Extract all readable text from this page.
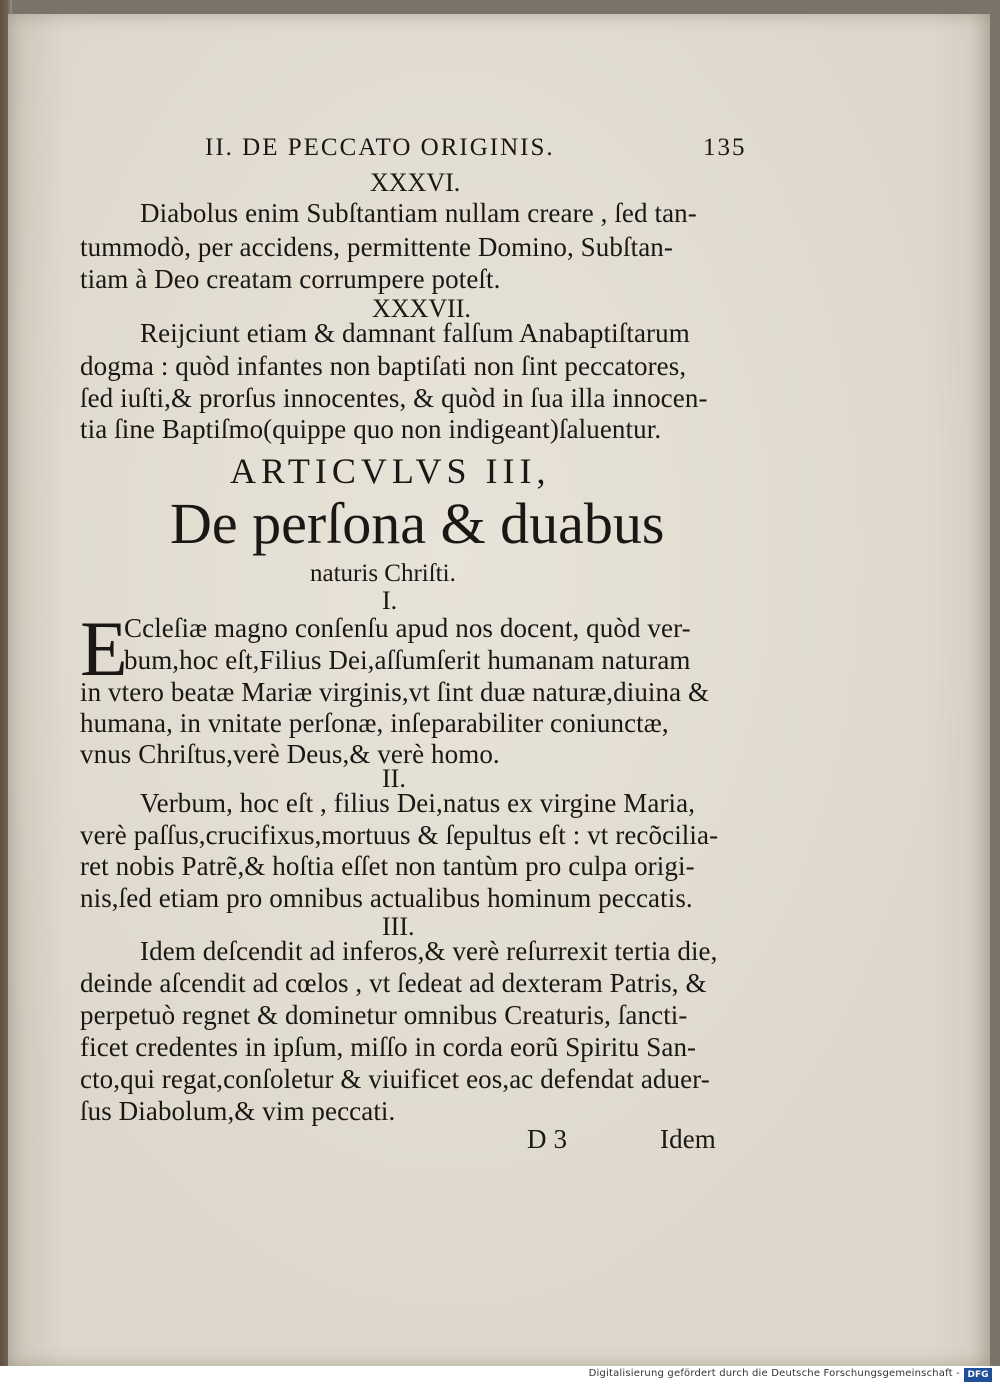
II. DE PECCATO ORIGINIS.	135
XXXVI.
Diabolus enim Subſtantiam nullam creare , ſed tan-
tummodò, per accidens, permittente Domino, Subſtan-
tiam à Deo creatam corrumpere poteſt.
XXXVII.
Reijciunt etiam & damnant falſum Anabaptiſtarum
dogma : quòd infantes non baptiſati non ſint peccatores,
ſed iuſti,& prorſus innocentes, & quòd in ſua illa innocen-
tia ſine Baptiſmo(quippe quo non indigeant)ſaluentur.
ARTICVLVS III,
De perſona & duabus
naturis Chriſti.
I.
E
Ccleſiæ magno conſenſu apud nos docent, quòd ver-
bum,hoc eſt,Filius Dei,aſſumſerit humanam naturam
in vtero beatæ Mariæ virginis,vt ſint duæ naturæ,diuina &
humana, in vnitate perſonæ, inſeparabiliter coniunctæ,
vnus Chriſtus,verè Deus,& verè homo.
II.
Verbum, hoc eſt , filius Dei,natus ex virgine Maria,
verè paſſus,crucifixus,mortuus & ſepultus eſt : vt recõcilia-
ret nobis Patrẽ,& hoſtia eſſet non tantùm pro culpa origi-
nis,ſed etiam pro omnibus actualibus hominum peccatis.
III.
Idem deſcendit ad inferos,& verè reſurrexit tertia die,
deinde aſcendit ad cœlos , vt ſedeat ad dexteram Patris, &
perpetuò regnet & dominetur omnibus Creaturis, ſancti-
ficet credentes in ipſum, miſſo in corda eorũ Spiritu San-
cto,qui regat,conſoletur & viuificet eos,ac defendat aduer-
ſus Diabolum,& vim peccati.
D 3	Idem
Digitalisierung gefördert durch die Deutsche Forschungsgemeinschaft - DFG
